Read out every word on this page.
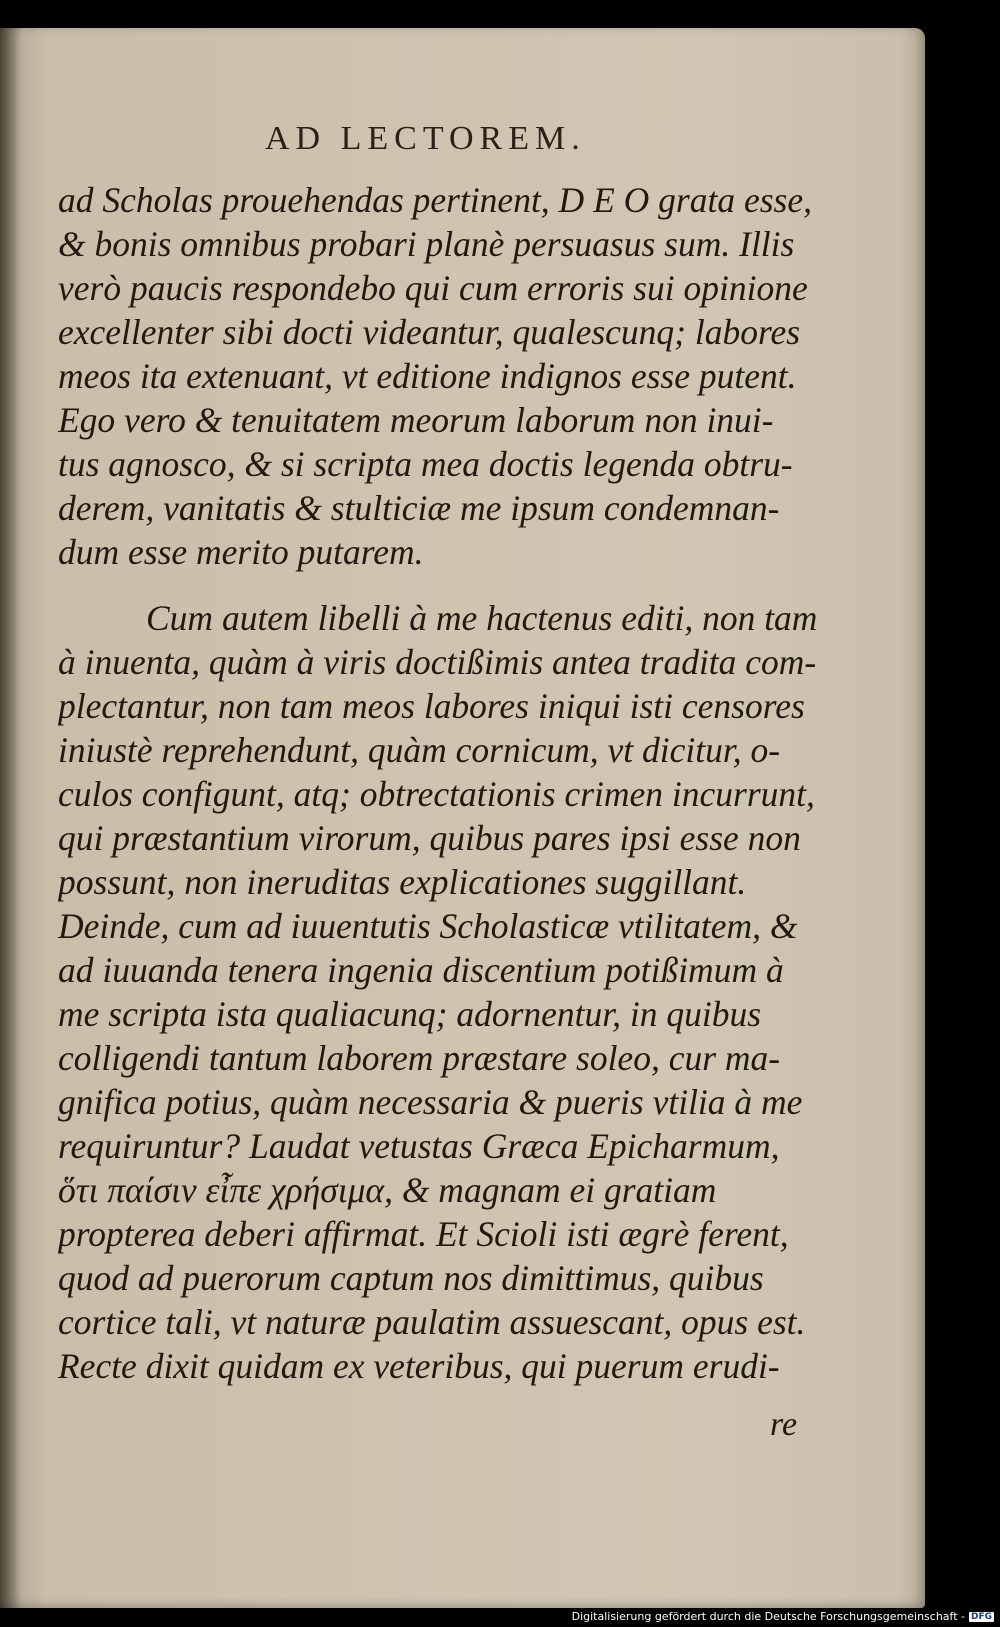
AD LECTOREM.
ad Scholas prouehendas pertinent, D E O grata esse,
& bonis omnibus probari planè persuasus sum. Illis
verò paucis respondebo qui cum erroris sui opinione
excellenter sibi docti videantur, qualescunq; labores
meos ita extenuant, vt editione indignos esse putent.
Ego vero & tenuitatem meorum laborum non inui-
tus agnosco, & si scripta mea doctis legenda obtru-
derem, vanitatis & stulticiæ me ipsum condemnan-
dum esse merito putarem.
Cum autem libelli à me hactenus editi, non tam
à inuenta, quàm à viris doctißimis antea tradita com-
plectantur, non tam meos labores iniqui isti censores
iniustè reprehendunt, quàm cornicum, vt dicitur, o-
culos configunt, atq; obtrectationis crimen incurrunt,
qui præstantium virorum, quibus pares ipsi esse non
possunt, non ineruditas explicationes suggillant.
Deinde, cum ad iuuentutis Scholasticæ vtilitatem, &
ad iuuanda tenera ingenia discentium potißimum à
me scripta ista qualiacunq; adornentur, in quibus
colligendi tantum laborem præstare soleo, cur ma-
gnifica potius, quàm necessaria & pueris vtilia à me
requiruntur? Laudat vetustas Græca Epicharmum,
ὅτι παίσιν εἶπε χρήσιμα, & magnam ei gratiam
propterea deberi affirmat. Et Scioli isti ægrè ferent,
quod ad puerorum captum nos dimittimus, quibus
cortice tali, vt naturæ paulatim assuescant, opus est.
Recte dixit quidam ex veteribus, qui puerum erudi-
re
Digitalisierung gefördert durch die Deutsche Forschungsgemeinschaft - DFG
